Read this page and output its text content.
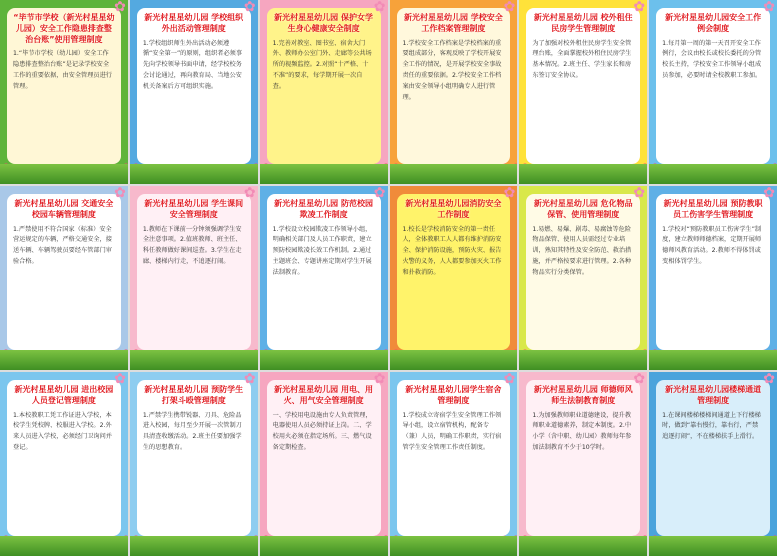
“毕节市学校（新光村星星幼儿园）安全工作隐患排查整治台账”使用管理制度
1.“毕节市学校（幼儿园）安全工作隐患排查整治台账”是记录学校安全工作的重要依据，由安全管理员进行管理。
✿
新光村星星幼儿园 学校组织外出活动管理制度
1.学校组织师生外出活动必须遵循“安全第一”的原则，组织者必须事先向学校领导书面申请，经学校校务会讨论通过，再向教育局、当地公安机关备案后方可组织实施。
✿
新光村星星幼儿园 保护女学生身心健康安全制度
1.完善对教室、图书室、宿舍大门外、教师办公室门外、走廊等公共场所的视频监控。2.对照“十严格、十不准”的要求，每学期开展一次自查。
✿
新光村星星幼儿园 学校安全工作档案管理制度
1.学校安全工作档案是学校档案的重要组成部分，客观反映了学校开展安全工作的情况，是开展学校安全事故责任的重要依据。2.学校安全工作档案由安全领导小组明确专人进行管理。
✿
新光村星星幼儿园 校外租住民房学生管理制度
为了加强对校外租住民房学生安全管理台账，全面掌握校外租住民房学生基本情况。2.班主任、学生家长和房东签订安全协议。
✿
新光村星星幼儿园安全工作例会制度
1.每月第一周的第一天召开安全工作例行，会议由校长或校长委托的分管校长主持，学校安全工作领导小组成员参加，必要时请全校教职工参加。
✿
新光村星星幼儿园 交通安全校园车辆管理制度
1.严禁使用不符合国家（标准）安全营运规定的车辆，严格交通安全，接送车辆、车辆驾驶员要经车管部门审验合格。
✿
新光村星星幼儿园 学生课间安全管理制度
1.教师在下课前一分钟须强调学生安全注意事项。2.值班教师、班主任、科任教师做好课间巡查。3.学生在走廊、楼梯内行走，不追逐打闹。
✿
新光村星星幼儿园 防范校园欺凌工作制度
1.学校设立校园欺凌工作领导小组，明确相关部门及人员工作职责，建立预防校园欺凌长效工作机制。2.通过主题班会、专题讲座定期对学生开展法制教育。
✿
新光村星星幼儿园消防安全工作制度
1.校长是学校消防安全的第一责任人，全体教职工人人都有维护消防安全、保护消防设施，预防火灾、报告火警的义务，人人都要参加灭火工作和扑救消防。
✿
新光村星星幼儿园 危化物品保管、使用管理制度
1.易燃、易爆、剧毒、易腐蚀等危险物品保管、使用人员需经过专业培训，熟知其特性及安全防范、救治措施，并严格按要求进行管理。2.各种物品实行分类保管。
✿
新光村星星幼儿园 预防教职员工伤害学生管理制度
1.学校对“预防教职员工伤害学生”制度，建立教师师德档案，定期开展师德师风教育活动。2.教师不得体罚或变相体罚学生。
✿
新光村星星幼儿园 进出校园人员登记管理制度
1.本校教职工凭工作证进入学校，本校学生凭校牌、校服进入学校。2.外来人员进入学校，必须经门卫询问并登记。
✿
新光村星星幼儿园 预防学生打架斗殴管理制度
1.严禁学生携带锐器、刀具、危险品进入校园，每月至少开展一次管制刀具清查收缴活动。2.班主任要加强学生的思想教育。
✿
新光村星星幼儿园 用电、用火、用气安全管理制度
一、学校用电设施由专人负责管理，电器使用人员必须持证上岗。二、学校用火必须在指定场所。三、燃气设备定期检查。
✿
新光村星星幼儿园学生宿舍管理制度
1.学校成立寄宿学生安全管理工作领导小组，设立宿管机构，配备专（兼）人员，明确工作职责，实行宿管学生安全管理工作责任制度。
✿
新光村星星幼儿园 师德师风师生法制教育制度
1.为加强教师职业道德建设，提升教师职业道德素养，制定本制度。2.中小学（含中职、幼儿园）教师每年参加法制教育不少于10学时。
✿
新光村星星幼儿园楼梯通道管理制度
1.在课间楼梯楼梯间通道上下行楼梯时，做到“靠右慢行，靠右行，严禁追逐打闹”，不在楼梯扶手上滑行。
✿
